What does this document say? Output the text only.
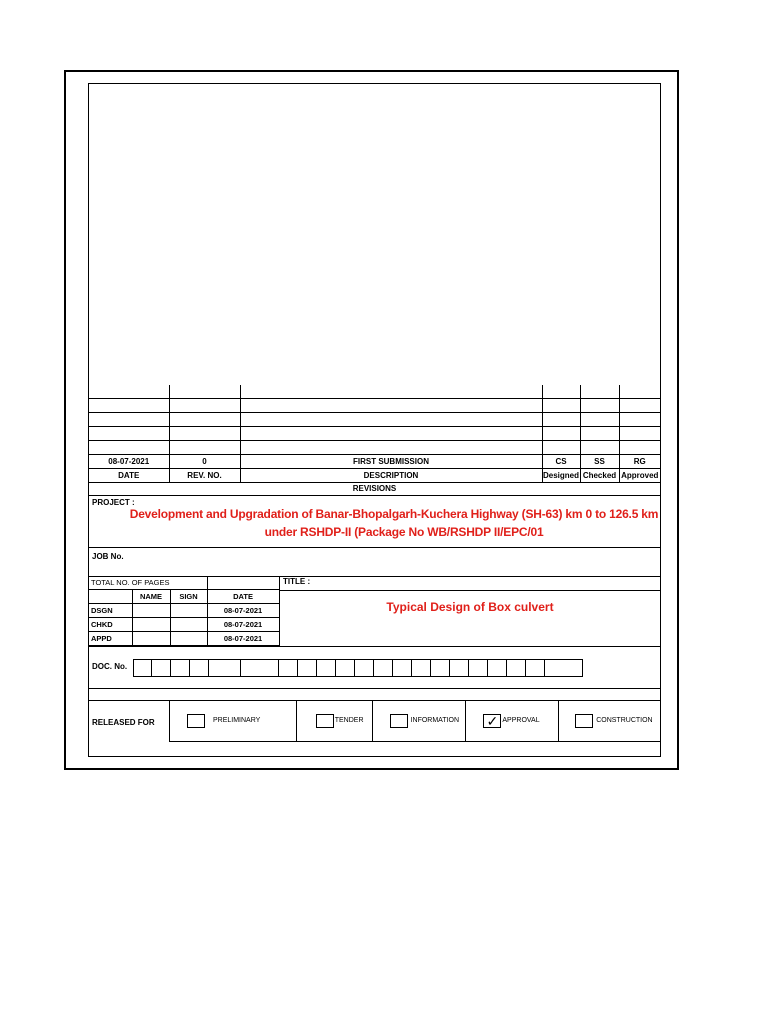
08-07-2021	0	FIRST SUBMISSION	CS	SS	RG
DATE	REV. NO.	DESCRIPTION	Designed	Checked	Approved
REVISIONS
PROJECT :
Development and Upgradation of Banar-Bhopalgarh-Kuchera Highway (SH-63) km 0 to 126.5 km
under RSHDP-II (Package No WB/RSHDP II/EPC/01
JOB No.
TOTAL NO. OF PAGES			
	NAME	SIGN	DATE
DSGN			08-07-2021
CHKD			08-07-2021
APPD			08-07-2021
TITLE :
Typical Design of Box culvert
DOC. No.
RELEASED FOR	PRELIMINARY	TENDER	INFORMATION ✓ APPROVAL	CONSTRUCTION
